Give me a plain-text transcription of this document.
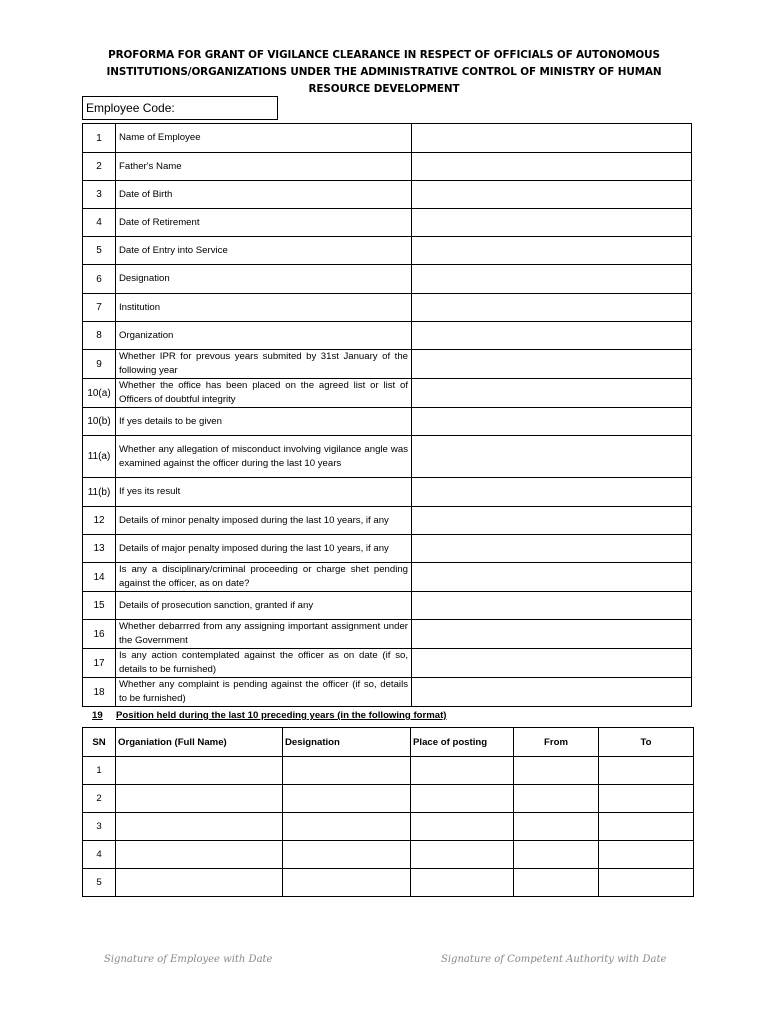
PROFORMA FOR GRANT OF VIGILANCE CLEARANCE IN RESPECT OF OFFICIALS OF AUTONOMOUS INSTITUTIONS/ORGANIZATIONS UNDER THE ADMINISTRATIVE CONTROL OF MINISTRY OF HUMAN RESOURCE DEVELOPMENT
Employee Code:
1	Name of Employee	
2	Father's Name	
3	Date of Birth	
4	Date of Retirement	
5	Date of Entry into Service	
6	Designation	
7	Institution	
8	Organization	
9	Whether IPR for prevous years submited by 31st January of the following year	
10(a)	Whether the office has been placed on the agreed list or list of Officers of doubtful integrity	
10(b)	If yes details to be given	
11(a)	Whether any allegation of misconduct involving vigilance angle was examined against the officer during the last 10 years	
11(b)	If yes its result	
12	Details of minor penalty imposed during the last 10 years, if any	
13	Details of major penalty imposed during the last 10 years, if any	
14	Is any a disciplinary/criminal proceeding or charge shet pending against the officer, as on date?	
15	Details of prosecution sanction, granted if any	
16	Whether debarrred from any assigning important assignment under the Government	
17	Is any action contemplated against the officer as on date (if so, details to be furnished)	
18	Whether any complaint is pending against the officer (if so, details to be furnished)	
19 Position held during the last 10 preceding years (in the following format)
SN	Organiation (Full Name)	Designation	Place of posting	From	To
1					
2					
3					
4					
5					
Signature of Employee with Date	Signature of Competent Authority with Date
